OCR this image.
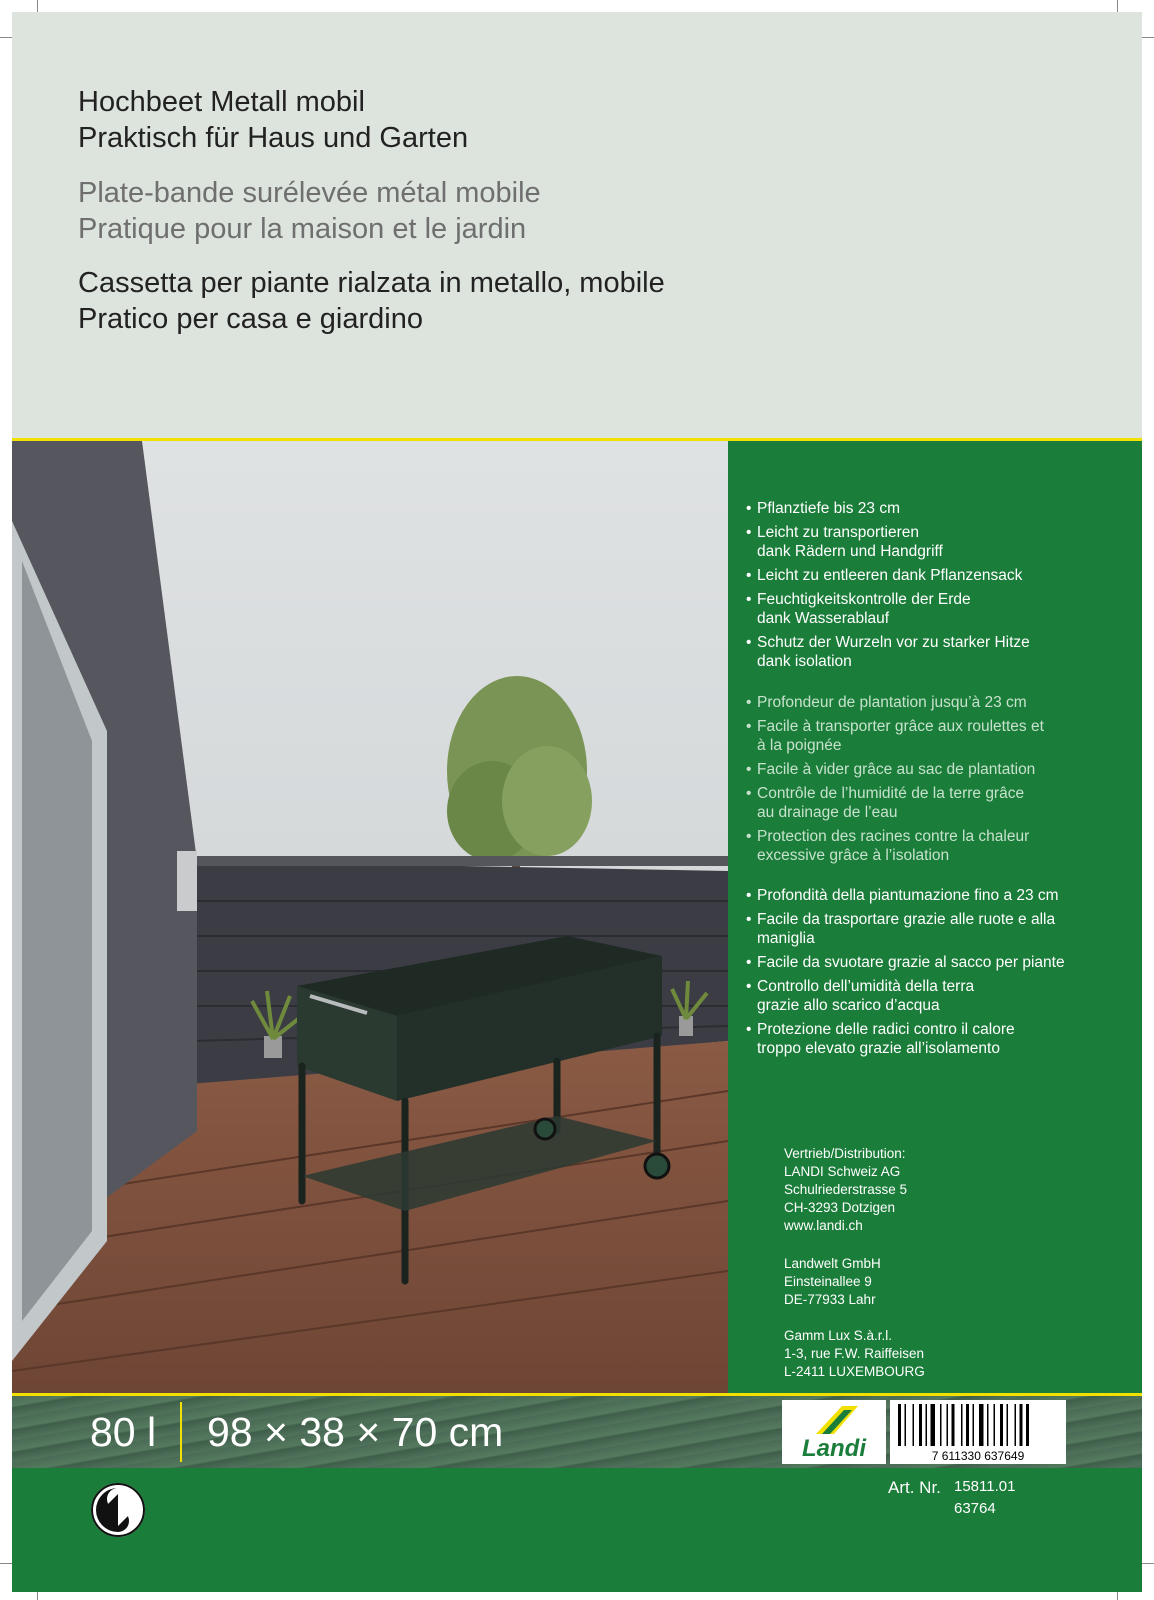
Hochbeet Metall mobil
Praktisch für Haus und Garten
Plate-bande surélevée métal mobile
Pratique pour la maison et le jardin
Cassetta per piante rialzata in metallo, mobile
Pratico per casa e giardino
• Pflanztiefe bis 23 cm
• Leicht zu transportieren
dank Rädern und Handgriff
• Leicht zu entleeren dank Pflanzensack
• Feuchtigkeitskontrolle der Erde
dank Wasserablauf
• Schutz der Wurzeln vor zu starker Hitze
dank isolation
• Profondeur de plantation jusqu’à 23 cm
• Facile à transporter grâce aux roulettes et
à la poignée
• Facile à vider grâce au sac de plantation
• Contrôle de l’humidité de la terre grâce
au drainage de l’eau
• Protection des racines contre la chaleur
excessive grâce à l’isolation
• Profondità della piantumazione fino a 23 cm
• Facile da trasportare grazie alle ruote e alla
maniglia
• Facile da svuotare grazie al sacco per piante
• Controllo dell’umidità della terra
grazie allo scarico d’acqua
• Protezione delle radici contro il calore
troppo elevato grazie all’isolamento
Vertrieb/Distribution:
LANDI Schweiz AG
Schulriederstrasse 5
CH-3293 Dotzigen
www.landi.ch
Landwelt GmbH
Einsteinallee 9
DE-77933 Lahr
Gamm Lux S.à.r.l.
1-3, rue F.W. Raiffeisen
L-2411 LUXEMBOURG
80 l 98 × 38 × 70 cm	Landi	7 611330 637649
Art. Nr. 15811.01
63764
